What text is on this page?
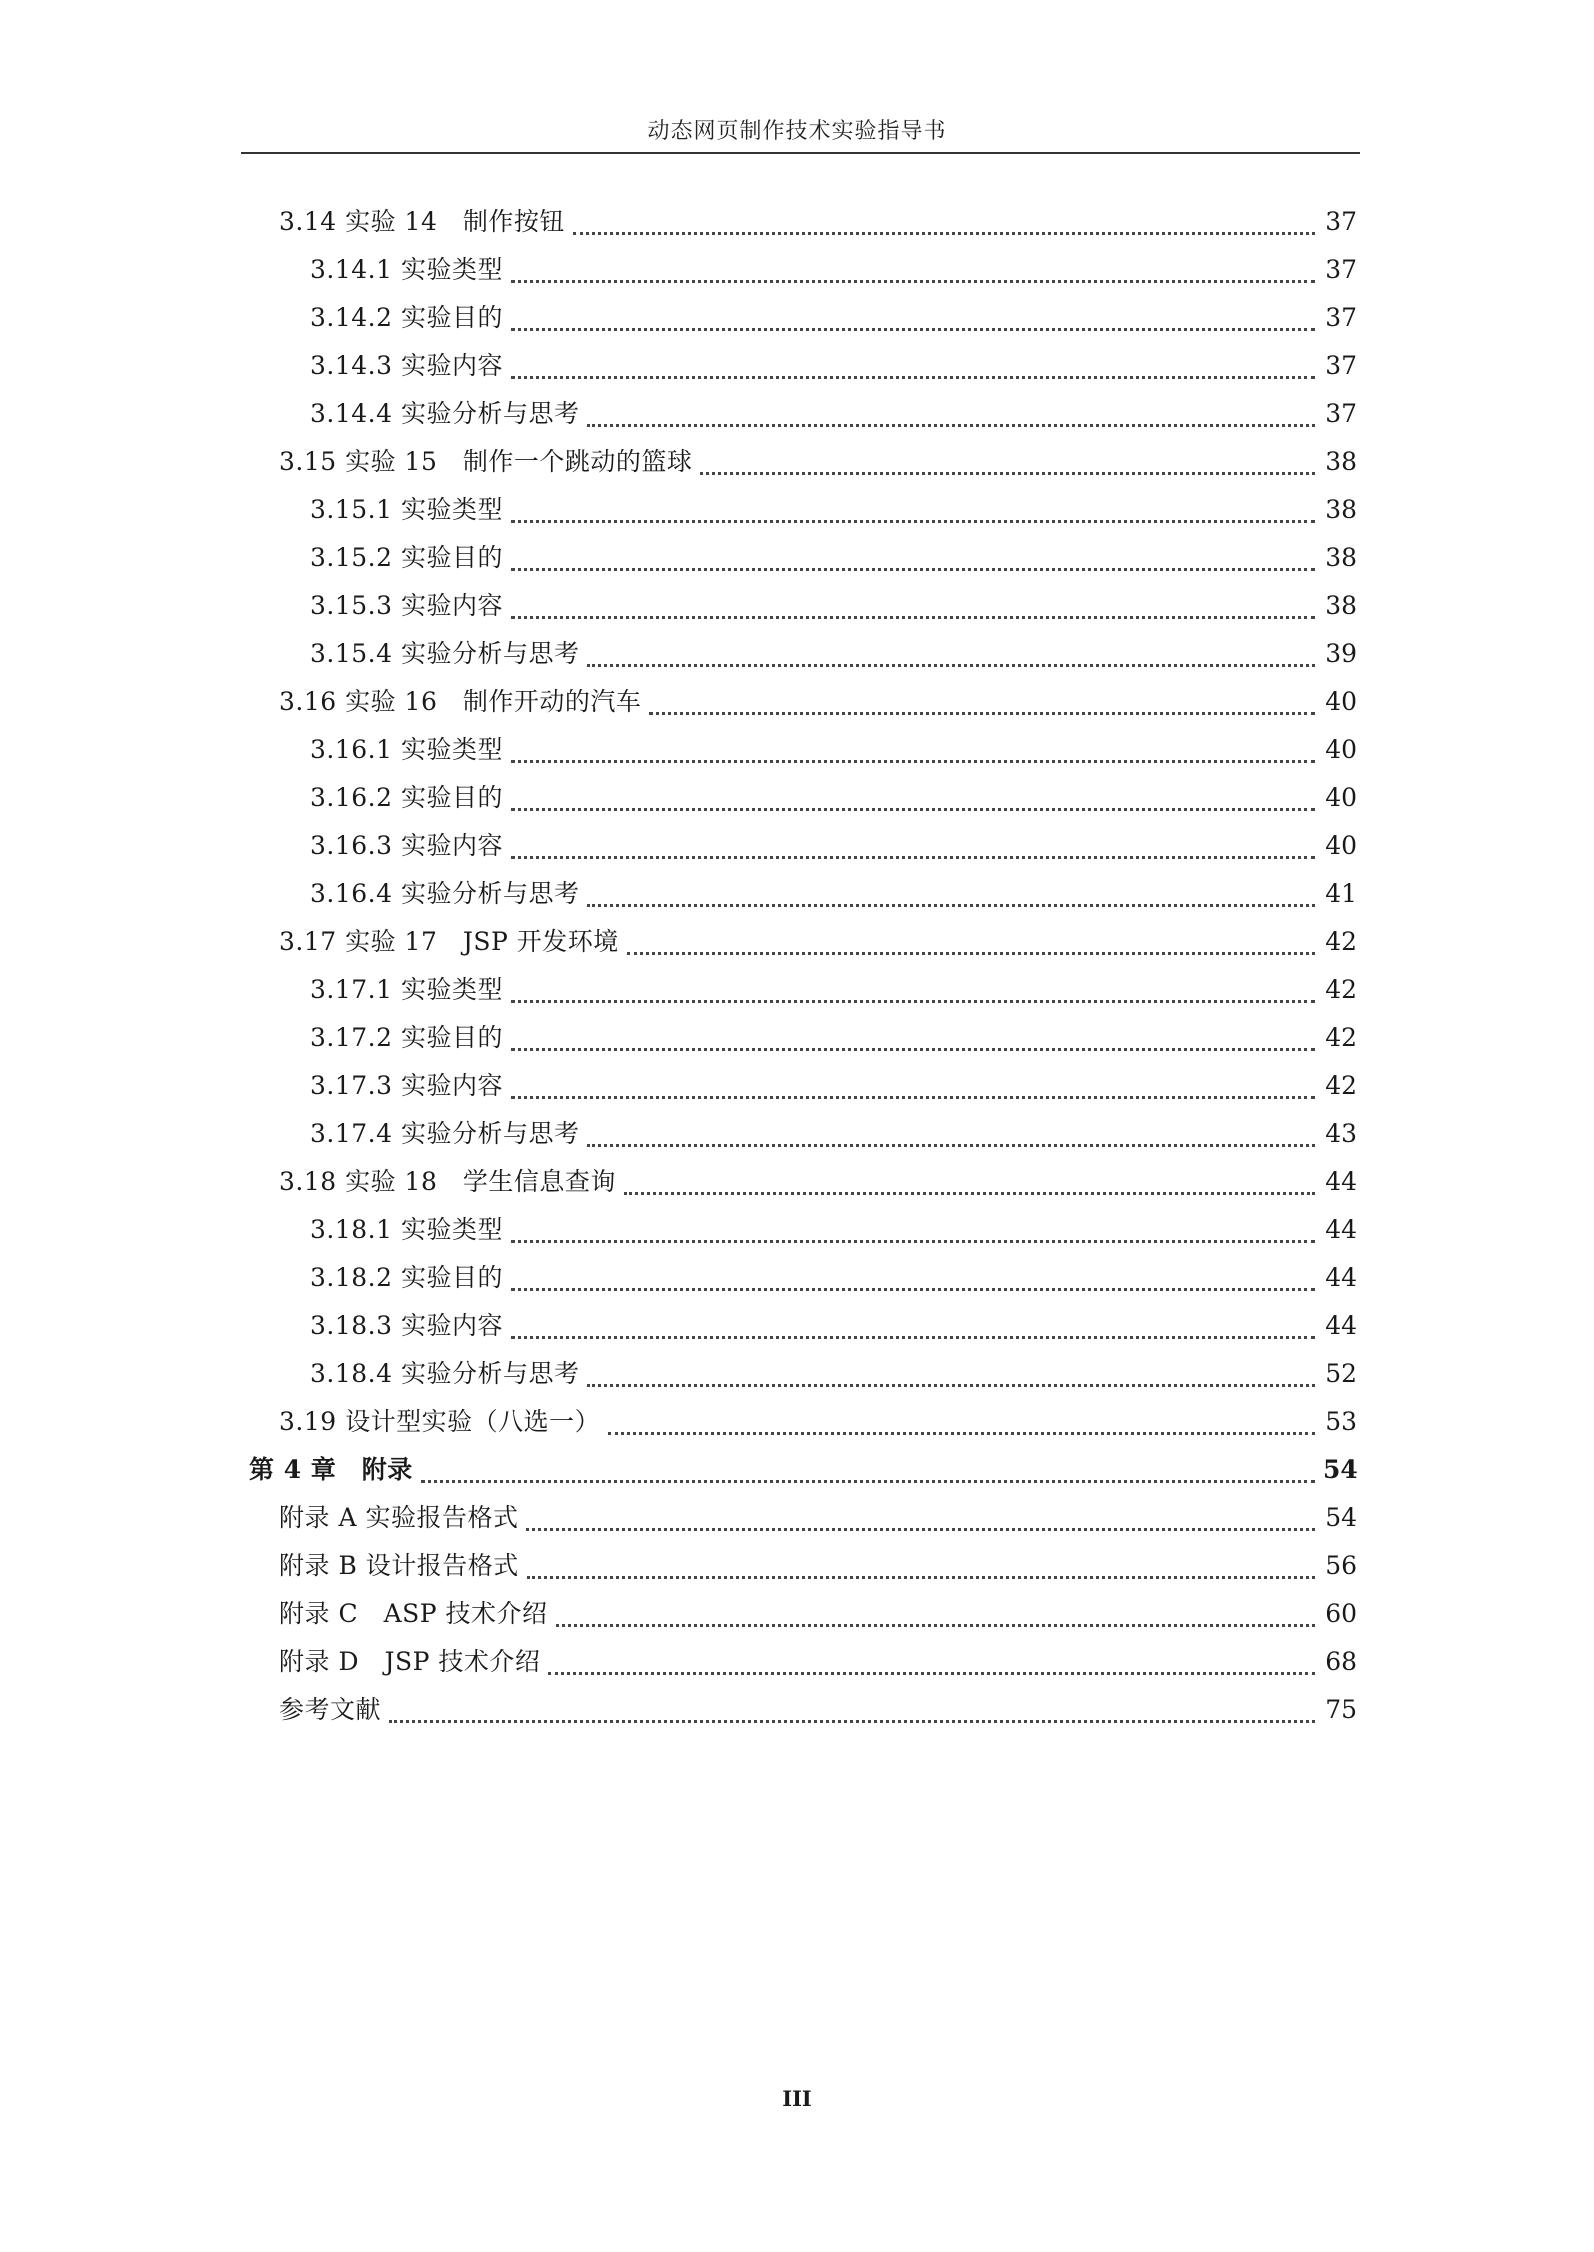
动态网页制作技术实验指导书
3.14 实验 14　制作按钮	37
3.14.1 实验类型	37
3.14.2 实验目的	37
3.14.3 实验内容	37
3.14.4 实验分析与思考	37
3.15 实验 15　制作一个跳动的篮球	38
3.15.1 实验类型	38
3.15.2 实验目的	38
3.15.3 实验内容	38
3.15.4 实验分析与思考	39
3.16 实验 16　制作开动的汽车	40
3.16.1 实验类型	40
3.16.2 实验目的	40
3.16.3 实验内容	40
3.16.4 实验分析与思考	41
3.17 实验 17　JSP 开发环境	42
3.17.1 实验类型	42
3.17.2 实验目的	42
3.17.3 实验内容	42
3.17.4 实验分析与思考	43
3.18 实验 18　学生信息查询	44
3.18.1 实验类型	44
3.18.2 实验目的	44
3.18.3 实验内容	44
3.18.4 实验分析与思考	52
3.19 设计型实验（八选一）	53
第 4 章　附录	54
附录 A 实验报告格式	54
附录 B 设计报告格式	56
附录 C　ASP 技术介绍	60
附录 D　JSP 技术介绍	68
参考文献	75
III
